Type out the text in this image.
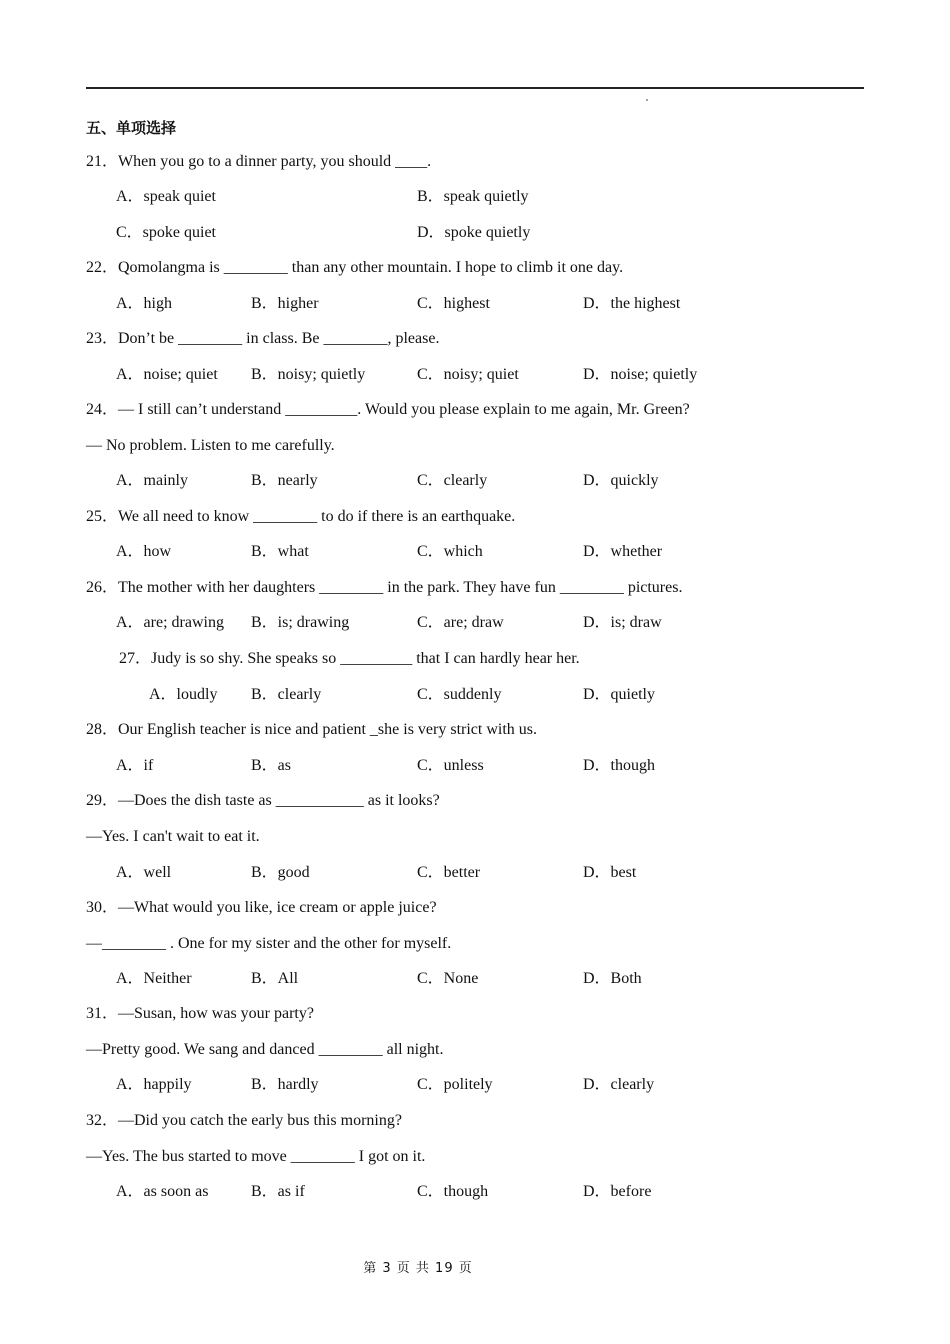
五、单项选择
21．When you go to a dinner party, you should ____.
A．speak quiet	B．speak quietly
C．spoke quiet	D．spoke quietly
22．Qomolangma is ________ than any other mountain. I hope to climb it one day.
A．high	B．higher	C．highest	D．the highest
23．Don’t be ________ in class. Be ________, please.
A．noise; quiet B．noisy; quietly	C．noisy; quiet	D．noise; quietly
24．— I still can’t understand _________. Would you please explain to me again, Mr. Green?
— No problem. Listen to me carefully.
A．mainly	B．nearly	C．clearly	D．quickly
25．We all need to know ________ to do if there is an earthquake.
A．how	B．what	C．which	D．whether
26．The mother with her daughters ________ in the park. They have fun ________ pictures.
A．are; drawing B．is; drawing	C．are; draw	D．is; draw
27．Judy is so shy. She speaks so _________ that I can hardly hear her.
A．loudly B．clearly	C．suddenly	D．quietly
28．Our English teacher is nice and patient _she is very strict with us.
A．if	B．as	C．unless	D．though
29．—Does the dish taste as ___________ as it looks?
—Yes. I can't wait to eat it.
A．well	B．good	C．better	D．best
30．—What would you like, ice cream or apple juice?
—________ . One for my sister and the other for myself.
A．Neither	B．All	C．None	D．Both
31．—Susan, how was your party?
—Pretty good. We sang and danced ________ all night.
A．happily	B．hardly	C．politely	D．clearly
32．—Did you catch the early bus this morning?
—Yes. The bus started to move ________ I got on it.
A．as soon as	B．as if	C．though	D．before
第 3 页 共 19 页
